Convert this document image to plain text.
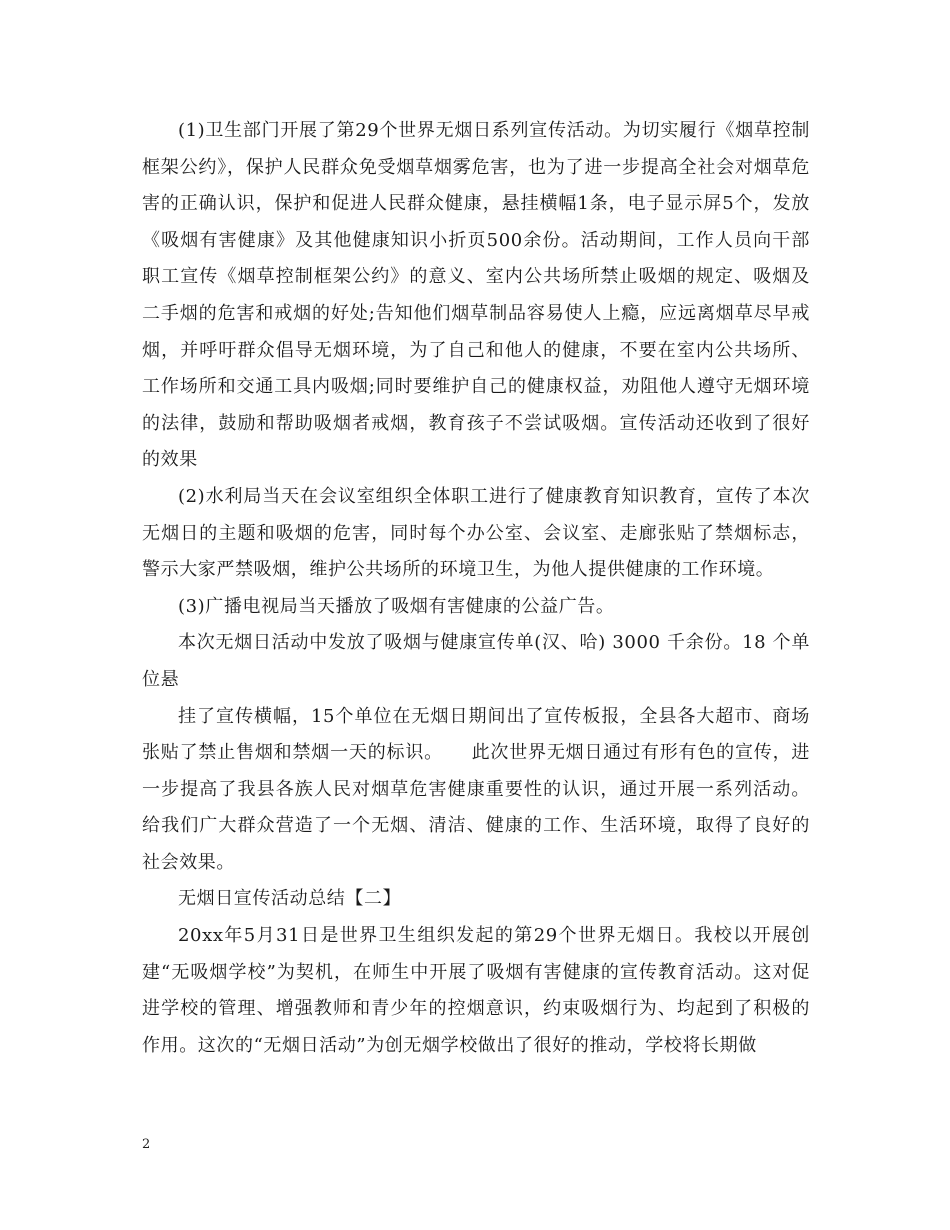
(1)卫生部门开展了第29个世界无烟日系列宣传活动。为切实履行《烟草控制框架公约》，保护人民群众免受烟草烟雾危害，也为了进一步提高全社会对烟草危害的正确认识，保护和促进人民群众健康，悬挂横幅1条，电子显示屏5个，发放《吸烟有害健康》及其他健康知识小折页500余份。活动期间，工作人员向干部职工宣传《烟草控制框架公约》的意义、室内公共场所禁止吸烟的规定、吸烟及二手烟的危害和戒烟的好处;告知他们烟草制品容易使人上瘾，应远离烟草尽早戒烟，并呼吁群众倡导无烟环境，为了自己和他人的健康，不要在室内公共场所、工作场所和交通工具内吸烟;同时要维护自己的健康权益，劝阻他人遵守无烟环境的法律，鼓励和帮助吸烟者戒烟，教育孩子不尝试吸烟。宣传活动还收到了很好的效果

(2)水利局当天在会议室组织全体职工进行了健康教育知识教育，宣传了本次无烟日的主题和吸烟的危害，同时每个办公室、会议室、走廊张贴了禁烟标志，警示大家严禁吸烟，维护公共场所的环境卫生，为他人提供健康的工作环境。

(3)广播电视局当天播放了吸烟有害健康的公益广告。

本次无烟日活动中发放了吸烟与健康宣传单(汉、哈) 3000 千余份。18 个单位悬

挂了宣传横幅，15个单位在无烟日期间出了宣传板报，全县各大超市、商场张贴了禁止售烟和禁烟一天的标识。　　此次世界无烟日通过有形有色的宣传，进一步提高了我县各族人民对烟草危害健康重要性的认识，通过开展一系列活动。给我们广大群众营造了一个无烟、清洁、健康的工作、生活环境，取得了良好的社会效果。

无烟日宣传活动总结【二】

20xx年5月31日是世界卫生组织发起的第29个世界无烟日。我校以开展创建“无吸烟学校”为契机，在师生中开展了吸烟有害健康的宣传教育活动。这对促进学校的管理、增强教师和青少年的控烟意识，约束吸烟行为、均起到了积极的作用。这次的“无烟日活动”为创无烟学校做出了很好的推动，学校将长期做

2
